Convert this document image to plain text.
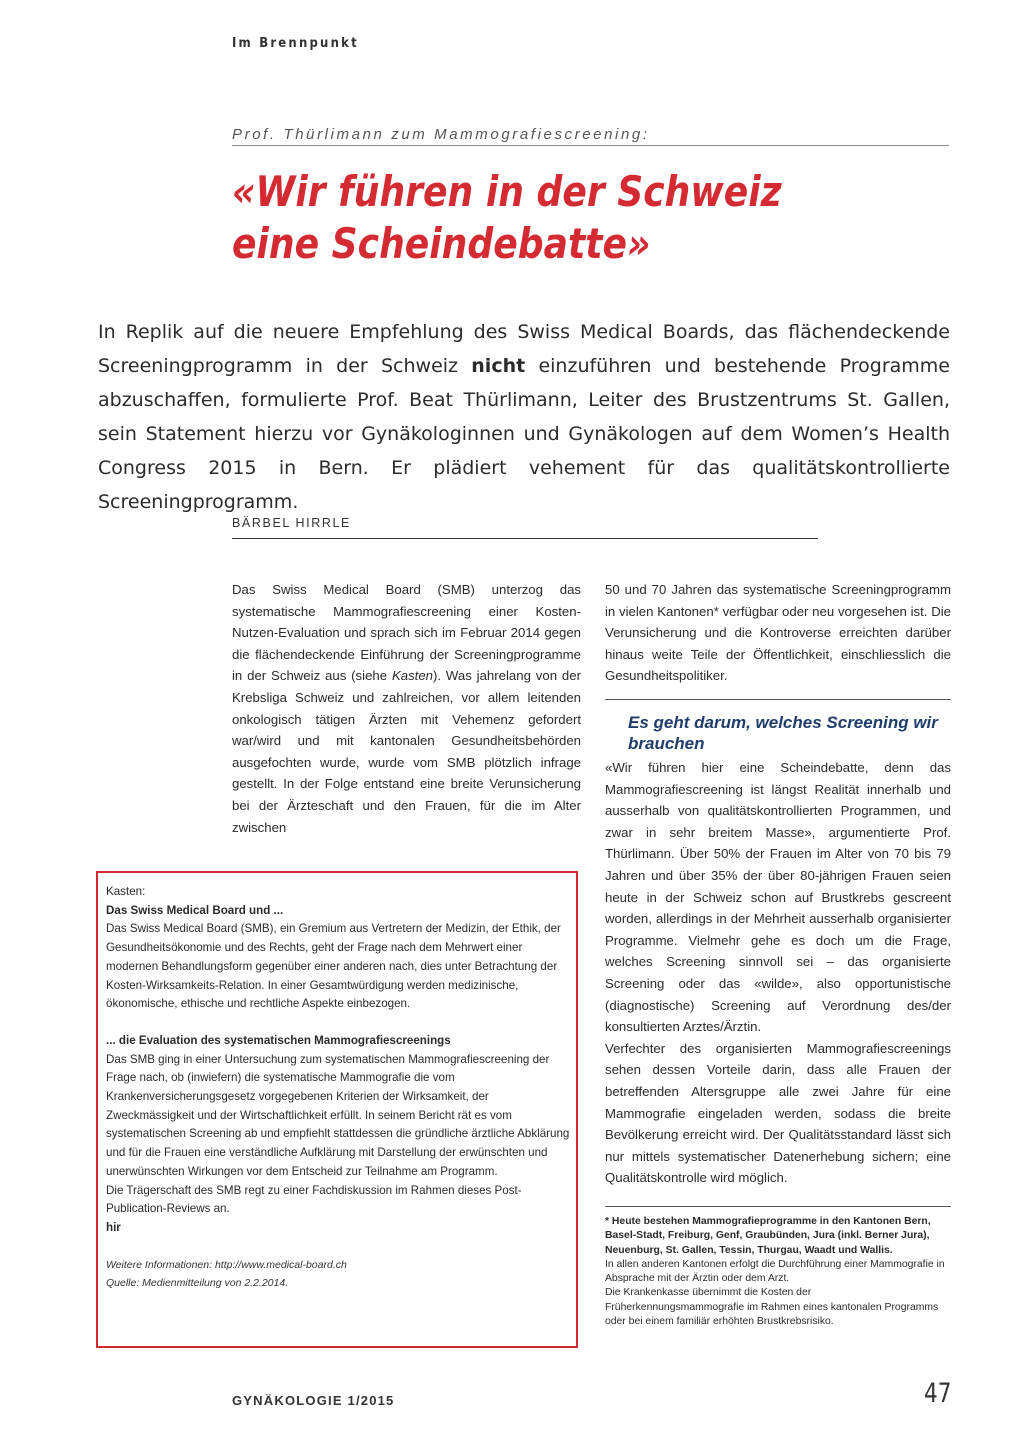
Im Brennpunkt
Prof. Thürlimann zum Mammografiescreening:
«Wir führen in der Schweiz
eine Scheindebatte»
In Replik auf die neuere Empfehlung des Swiss Medical Boards, das flächendeckende Screeningprogramm in der Schweiz nicht einzuführen und bestehende Programme abzuschaffen, formulierte Prof. Beat Thürlimann, Leiter des Brustzentrums St. Gallen, sein Statement hierzu vor Gynäkologinnen und Gynäkologen auf dem Women’s Health Congress 2015 in Bern. Er plädiert vehement für das qualitätskontrollierte Screeningprogramm.
BÄRBEL HIRRLE

Das Swiss Medical Board (SMB) unterzog das systematische Mammografiescreening einer Kosten-Nutzen-Evaluation und sprach sich im Februar 2014 gegen die flächendeckende Einführung der Screeningprogramme in der Schweiz aus (siehe Kasten). Was jahrelang von der Krebsliga Schweiz und zahlreichen, vor allem leitenden onkologisch tätigen Ärzten mit Vehemenz gefordert war/wird und mit kantonalen Gesundheitsbehörden ausgefochten wurde, wurde vom SMB plötzlich infrage gestellt. In der Folge entstand eine breite Verunsicherung bei der Ärzteschaft und den Frauen, für die im Alter zwischen

50 und 70 Jahren das systematische Screeningprogramm in vielen Kantonen* verfügbar oder neu vorgesehen ist. Die Verunsicherung und die Kontroverse erreichten darüber hinaus weite Teile der Öffentlichkeit, einschliesslich die Gesundheitspolitiker.

Es geht darum, welches Screening wir brauchen

«Wir führen hier eine Scheindebatte, denn das Mammografiescreening ist längst Realität innerhalb und ausserhalb von qualitätskontrollierten Programmen, und zwar in sehr breitem Masse», argumentierte Prof. Thürlimann. Über 50% der Frauen im Alter von 70 bis 79 Jahren und über 35% der über 80-jährigen Frauen seien heute in der Schweiz schon auf Brustkrebs gescreent worden, allerdings in der Mehrheit ausserhalb organisierter Programme. Vielmehr gehe es doch um die Frage, welches Screening sinnvoll sei – das organisierte Screening oder das «wilde», also opportunistische (diagnostische) Screening auf Verordnung des/der konsultierten Arztes/Ärztin.

Verfechter des organisierten Mammografiescreenings sehen dessen Vorteile darin, dass alle Frauen der betreffenden Altersgruppe alle zwei Jahre für eine Mammografie eingeladen werden, sodass die breite Bevölkerung erreicht wird. Der Qualitätsstandard lässt sich nur mittels systematischer Datenerhebung sichern; eine Qualitätskontrolle wird möglich.

Kasten:

Das Swiss Medical Board und ...

Das Swiss Medical Board (SMB), ein Gremium aus Vertretern der Medizin, der Ethik, der Gesundheitsökonomie und des Rechts, geht der Frage nach dem Mehrwert einer modernen Behandlungsform gegenüber einer anderen nach, dies unter Betrachtung der Kosten-Wirksamkeits-Relation. In einer Gesamtwürdigung werden medizinische, ökonomische, ethische und rechtliche Aspekte einbezogen.

... die Evaluation des systematischen Mammografiescreenings

Das SMB ging in einer Untersuchung zum systematischen Mammografiescreening der Frage nach, ob (inwiefern) die systematische Mammografie die vom Krankenversicherungsgesetz vorgegebenen Kriterien der Wirksamkeit, der Zweckmässigkeit und der Wirtschaftlichkeit erfüllt. In seinem Bericht rät es vom systematischen Screening ab und empfiehlt stattdessen die gründliche ärztliche Abklärung und für die Frauen eine verständliche Aufklärung mit Darstellung der erwünschten und unerwünschten Wirkungen vor dem Entscheid zur Teilnahme am Programm.

Die Trägerschaft des SMB regt zu einer Fachdiskussion im Rahmen dieses Post-Publication-Reviews an.

hir

Weitere Informationen: http://www.medical-board.ch

Quelle: Medienmitteilung von 2.2.2014.

* Heute bestehen Mammografieprogramme in den Kantonen Bern, Basel-Stadt, Freiburg, Genf, Graubünden, Jura (inkl. Berner Jura), Neuenburg, St. Gallen, Tessin, Thurgau, Waadt und Wallis.

In allen anderen Kantonen erfolgt die Durchführung einer Mammografie in Absprache mit der Ärztin oder dem Arzt.

Die Krankenkasse übernimmt die Kosten der Früherkennungsmammografie im Rahmen eines kantonalen Programms oder bei einem familiär erhöhten Brustkrebsrisiko.

GYNÄKOLOGIE 1/2015	47
